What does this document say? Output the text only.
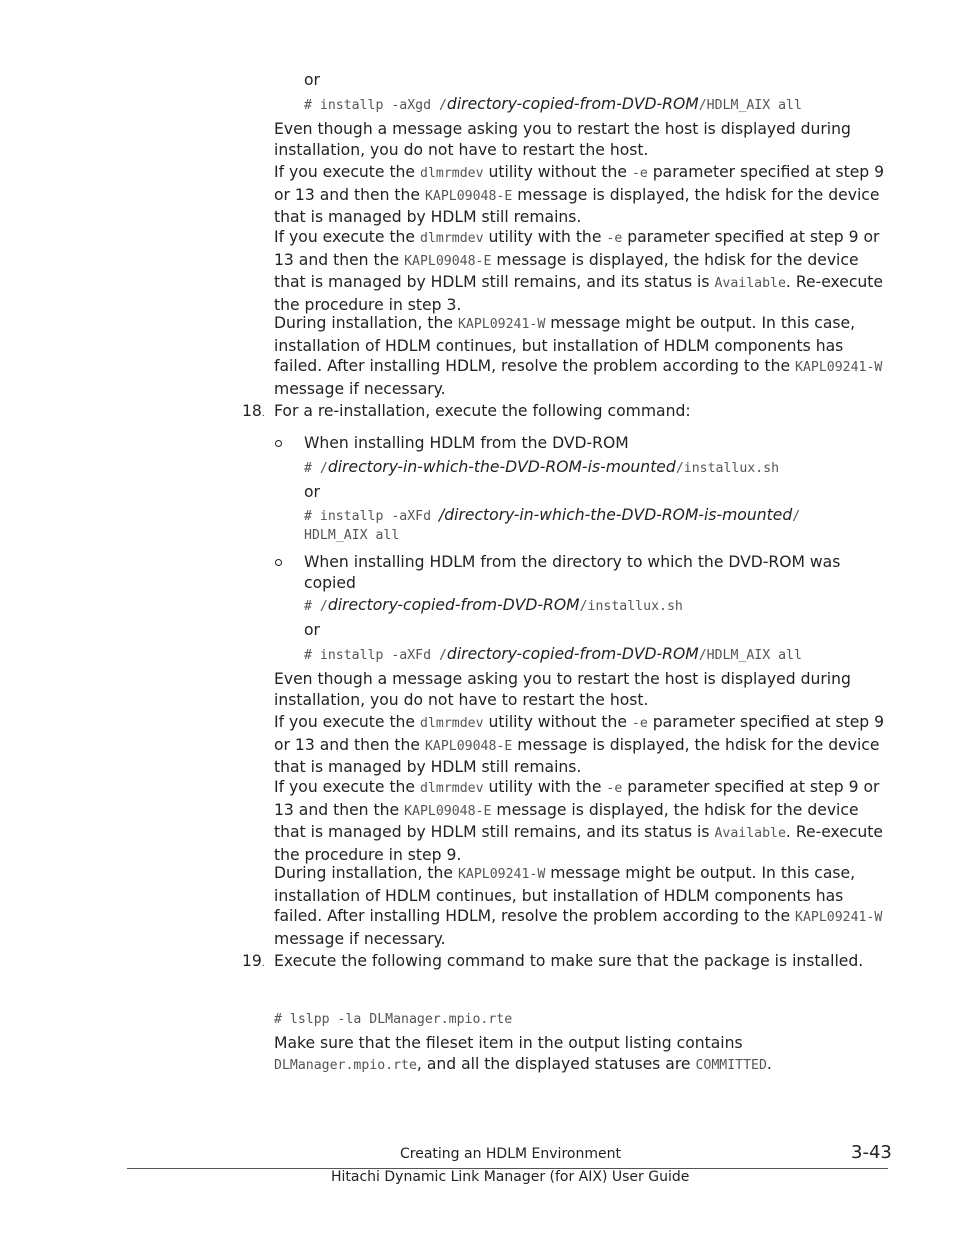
or
# installp -aXgd /directory-copied-from-DVD-ROM/HDLM_AIX all
Even though a message asking you to restart the host is displayed during installation, you do not have to restart the host.
If you execute the dlmrmdev utility without the -e parameter specified at step 9 or 13 and then the KAPL09048-E message is displayed, the hdisk for the device that is managed by HDLM still remains.
If you execute the dlmrmdev utility with the -e parameter specified at step 9 or 13 and then the KAPL09048-E message is displayed, the hdisk for the device that is managed by HDLM still remains, and its status is Available. Re-execute the procedure in step 3.
During installation, the KAPL09241-W message might be output. In this case, installation of HDLM continues, but installation of HDLM components has failed. After installing HDLM, resolve the problem according to the KAPL09241-W message if necessary.
18. For a re-installation, execute the following command:
When installing HDLM from the DVD-ROM
# /directory-in-which-the-DVD-ROM-is-mounted/installux.sh
or
# installp -aXFd /directory-in-which-the-DVD-ROM-is-mounted/
HDLM_AIX all
When installing HDLM from the directory to which the DVD-ROM was copied
# /directory-copied-from-DVD-ROM/installux.sh
or
# installp -aXFd /directory-copied-from-DVD-ROM/HDLM_AIX all
Even though a message asking you to restart the host is displayed during installation, you do not have to restart the host.
If you execute the dlmrmdev utility without the -e parameter specified at step 9 or 13 and then the KAPL09048-E message is displayed, the hdisk for the device that is managed by HDLM still remains.
If you execute the dlmrmdev utility with the -e parameter specified at step 9 or 13 and then the KAPL09048-E message is displayed, the hdisk for the device that is managed by HDLM still remains, and its status is Available. Re-execute the procedure in step 9.
During installation, the KAPL09241-W message might be output. In this case, installation of HDLM continues, but installation of HDLM components has failed. After installing HDLM, resolve the problem according to the KAPL09241-W message if necessary.
19. Execute the following command to make sure that the package is installed.
# lslpp -la DLManager.mpio.rte
Make sure that the fileset item in the output listing contains DLManager.mpio.rte, and all the displayed statuses are COMMITTED.
Creating an HDLM Environment	3-43
Hitachi Dynamic Link Manager (for AIX) User Guide
